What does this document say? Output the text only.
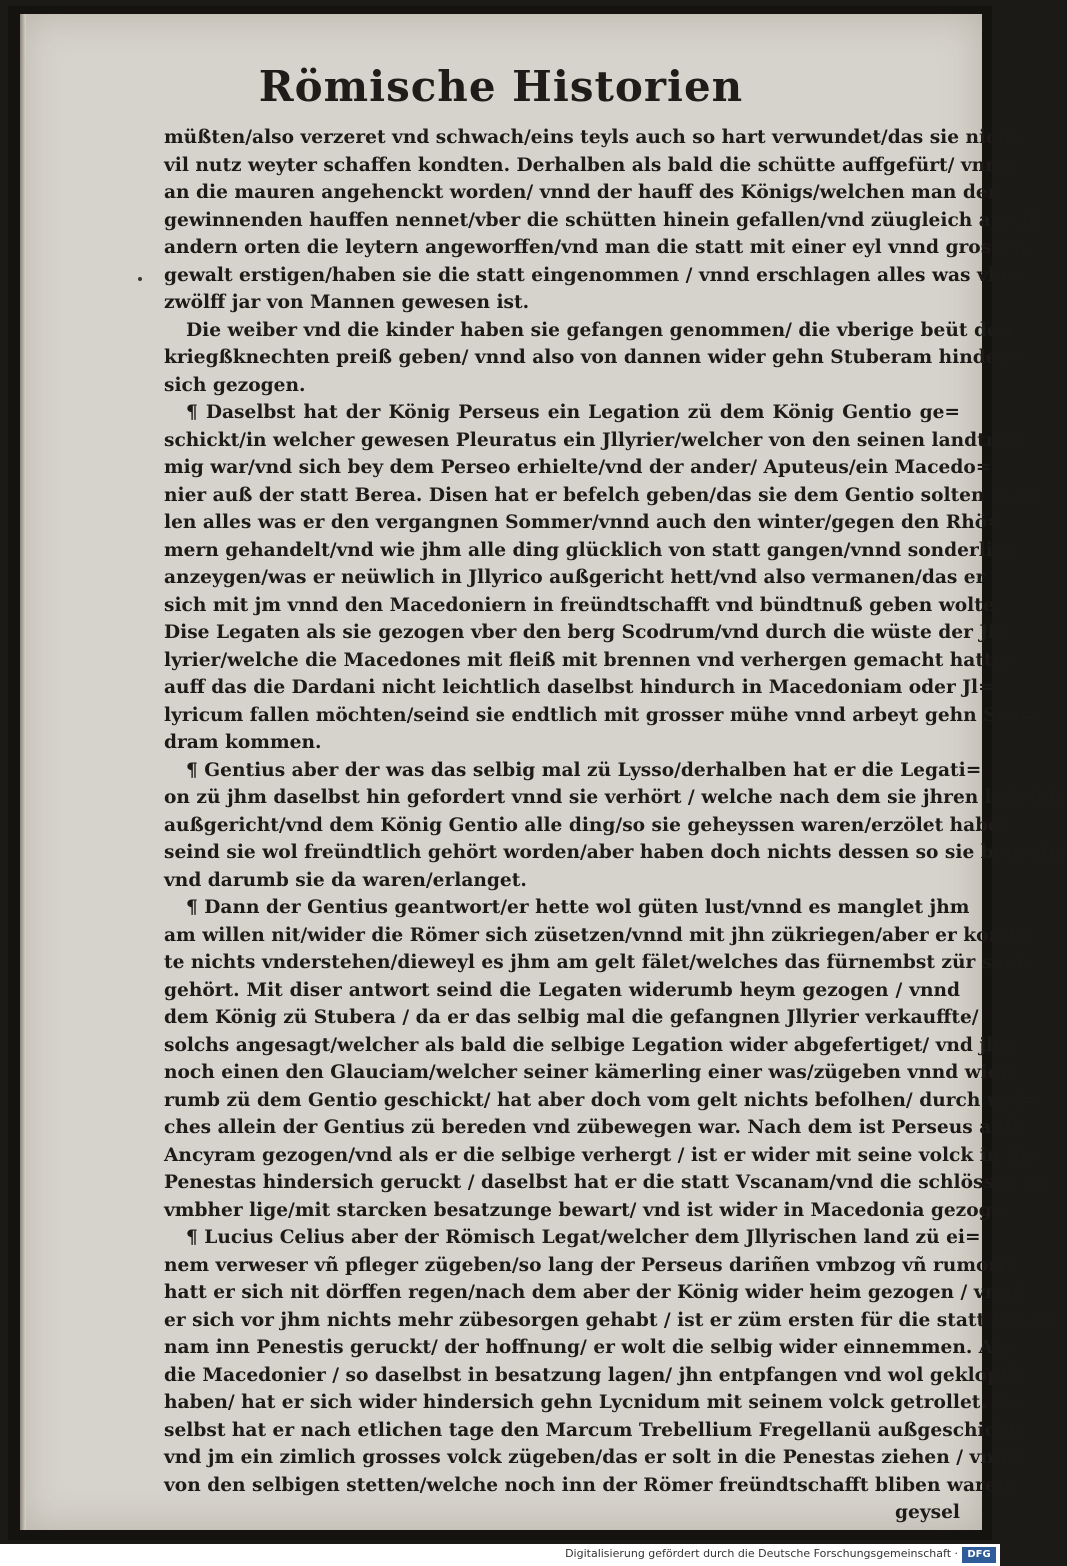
Römische Historien
müßten/also verzeret vnd schwach/eins teyls auch so hart verwundet/das sie nichs
vil nutz weyter schaffen kondten. Derhalben als bald die schütte auffgefürt/ vnnd
an die mauren angehenckt worden/ vnnd der hauff des Königs/welchen man den
gewinnenden hauffen nennet/vber die schütten hinein gefallen/vnd züugleich an vil
andern orten die leytern angeworffen/vnd man die statt mit einer eyl vnnd grossen
gewalt erstigen/haben sie die statt eingenommen / vnnd erschlagen alles was vber
zwölff jar von Mannen gewesen ist.
Die weiber vnd die kinder haben sie gefangen genommen/ die vberige beüt den
kriegßknechten preiß geben/ vnnd also von dannen wider gehn Stuberam hinder=
sich gezogen.
¶ Daselbst hat der König Perseus ein Legation zü dem König Gentio ge=
schickt/in welcher gewesen Pleuratus ein Jllyrier/welcher von den seinen landtreü
mig war/vnd sich bey dem Perseo erhielte/vnd der ander/ Aputeus/ein Macedo=
nier auß der statt Berea. Disen hat er befelch geben/das sie dem Gentio solten erzö
len alles was er den vergangnen Sommer/vnnd auch den winter/gegen den Rhö=
mern gehandelt/vnd wie jhm alle ding glücklich von statt gangen/vnnd sonderlich
anzeygen/was er neüwlich in Jllyrico außgericht hett/vnd also vermanen/das er
sich mit jm vnnd den Macedoniern in freündtschafft vnd bündtnuß geben wolte.
Dise Legaten als sie gezogen vber den berg Scodrum/vnd durch die wüste der Jl=
lyrier/welche die Macedones mit fleiß mit brennen vnd verhergen gemacht hatte/
auff das die Dardani nicht leichtlich daselbst hindurch in Macedoniam oder Jl=
lyricum fallen möchten/seind sie endtlich mit grosser mühe vnnd arbeyt gehn Sco=
dram kommen.
¶ Gentius aber der was das selbig mal zü Lysso/derhalben hat er die Legati=
on zü jhm daselbst hin gefordert vnnd sie verhört / welche nach dem sie jhren befelch
außgericht/vnd dem König Gentio alle ding/so sie geheyssen waren/erzölet habe/
seind sie wol freündtlich gehört worden/aber haben doch nichts dessen so sie begerte/
vnd darumb sie da waren/erlanget.
¶ Dann der Gentius geantwort/er hette wol güten lust/vnnd es manglet jhm
am willen nit/wider die Römer sich züsetzen/vnnd mit jhn zükriegen/aber er kond=
te nichts vnderstehen/dieweyl es jhm am gelt fälet/welches das fürnembst zür sach
gehört. Mit diser antwort seind die Legaten widerumb heym gezogen / vnnd
dem König zü Stubera / da er das selbig mal die gefangnen Jllyrier verkauffte/
solchs angesagt/welcher als bald die selbige Legation wider abgefertiget/ vnd jhn
noch einen den Glauciam/welcher seiner kämerling einer was/zügeben vnnd wide
rumb zü dem Gentio geschickt/ hat aber doch vom gelt nichts befolhen/ durch wel=
ches allein der Gentius zü bereden vnd zübewegen war. Nach dem ist Perseus auff
Ancyram gezogen/vnd als er die selbige verhergt / ist er wider mit seine volck in die
Penestas hindersich geruckt / daselbst hat er die statt Vscanam/vnd die schlösser so
vmbher lige/mit starcken besatzunge bewart/ vnd ist wider in Macedonia gezoge.
¶ Lucius Celius aber der Römisch Legat/welcher dem Jllyrischen land zü ei=
nem verweser vñ pfleger zügeben/so lang der Perseus dariñen vmbzog vñ rumort/
hatt er sich nit dörffen regen/nach dem aber der König wider heim gezogen / vnnd
er sich vor jhm nichts mehr zübesorgen gehabt / ist er züm ersten für die statt Vsca=
nam inn Penestis geruckt/ der hoffnung/ er wolt die selbig wider einnemmen. Als
die Macedonier / so daselbst in besatzung lagen/ jhn entpfangen vnd wol geklopfft
haben/ hat er sich wider hindersich gehn Lycnidum mit seinem volck getrollet. Da
selbst hat er nach etlichen tage den Marcum Trebellium Fregellanü außgeschickt/
vnd jm ein zimlich grosses volck zügeben/das er solt in die Penestas ziehen / vnnd
von den selbigen stetten/welche noch inn der Römer freündtschafft bliben waren/
geysel
Digitalisierung gefördert durch die Deutsche Forschungsgemeinschaft · DFG
